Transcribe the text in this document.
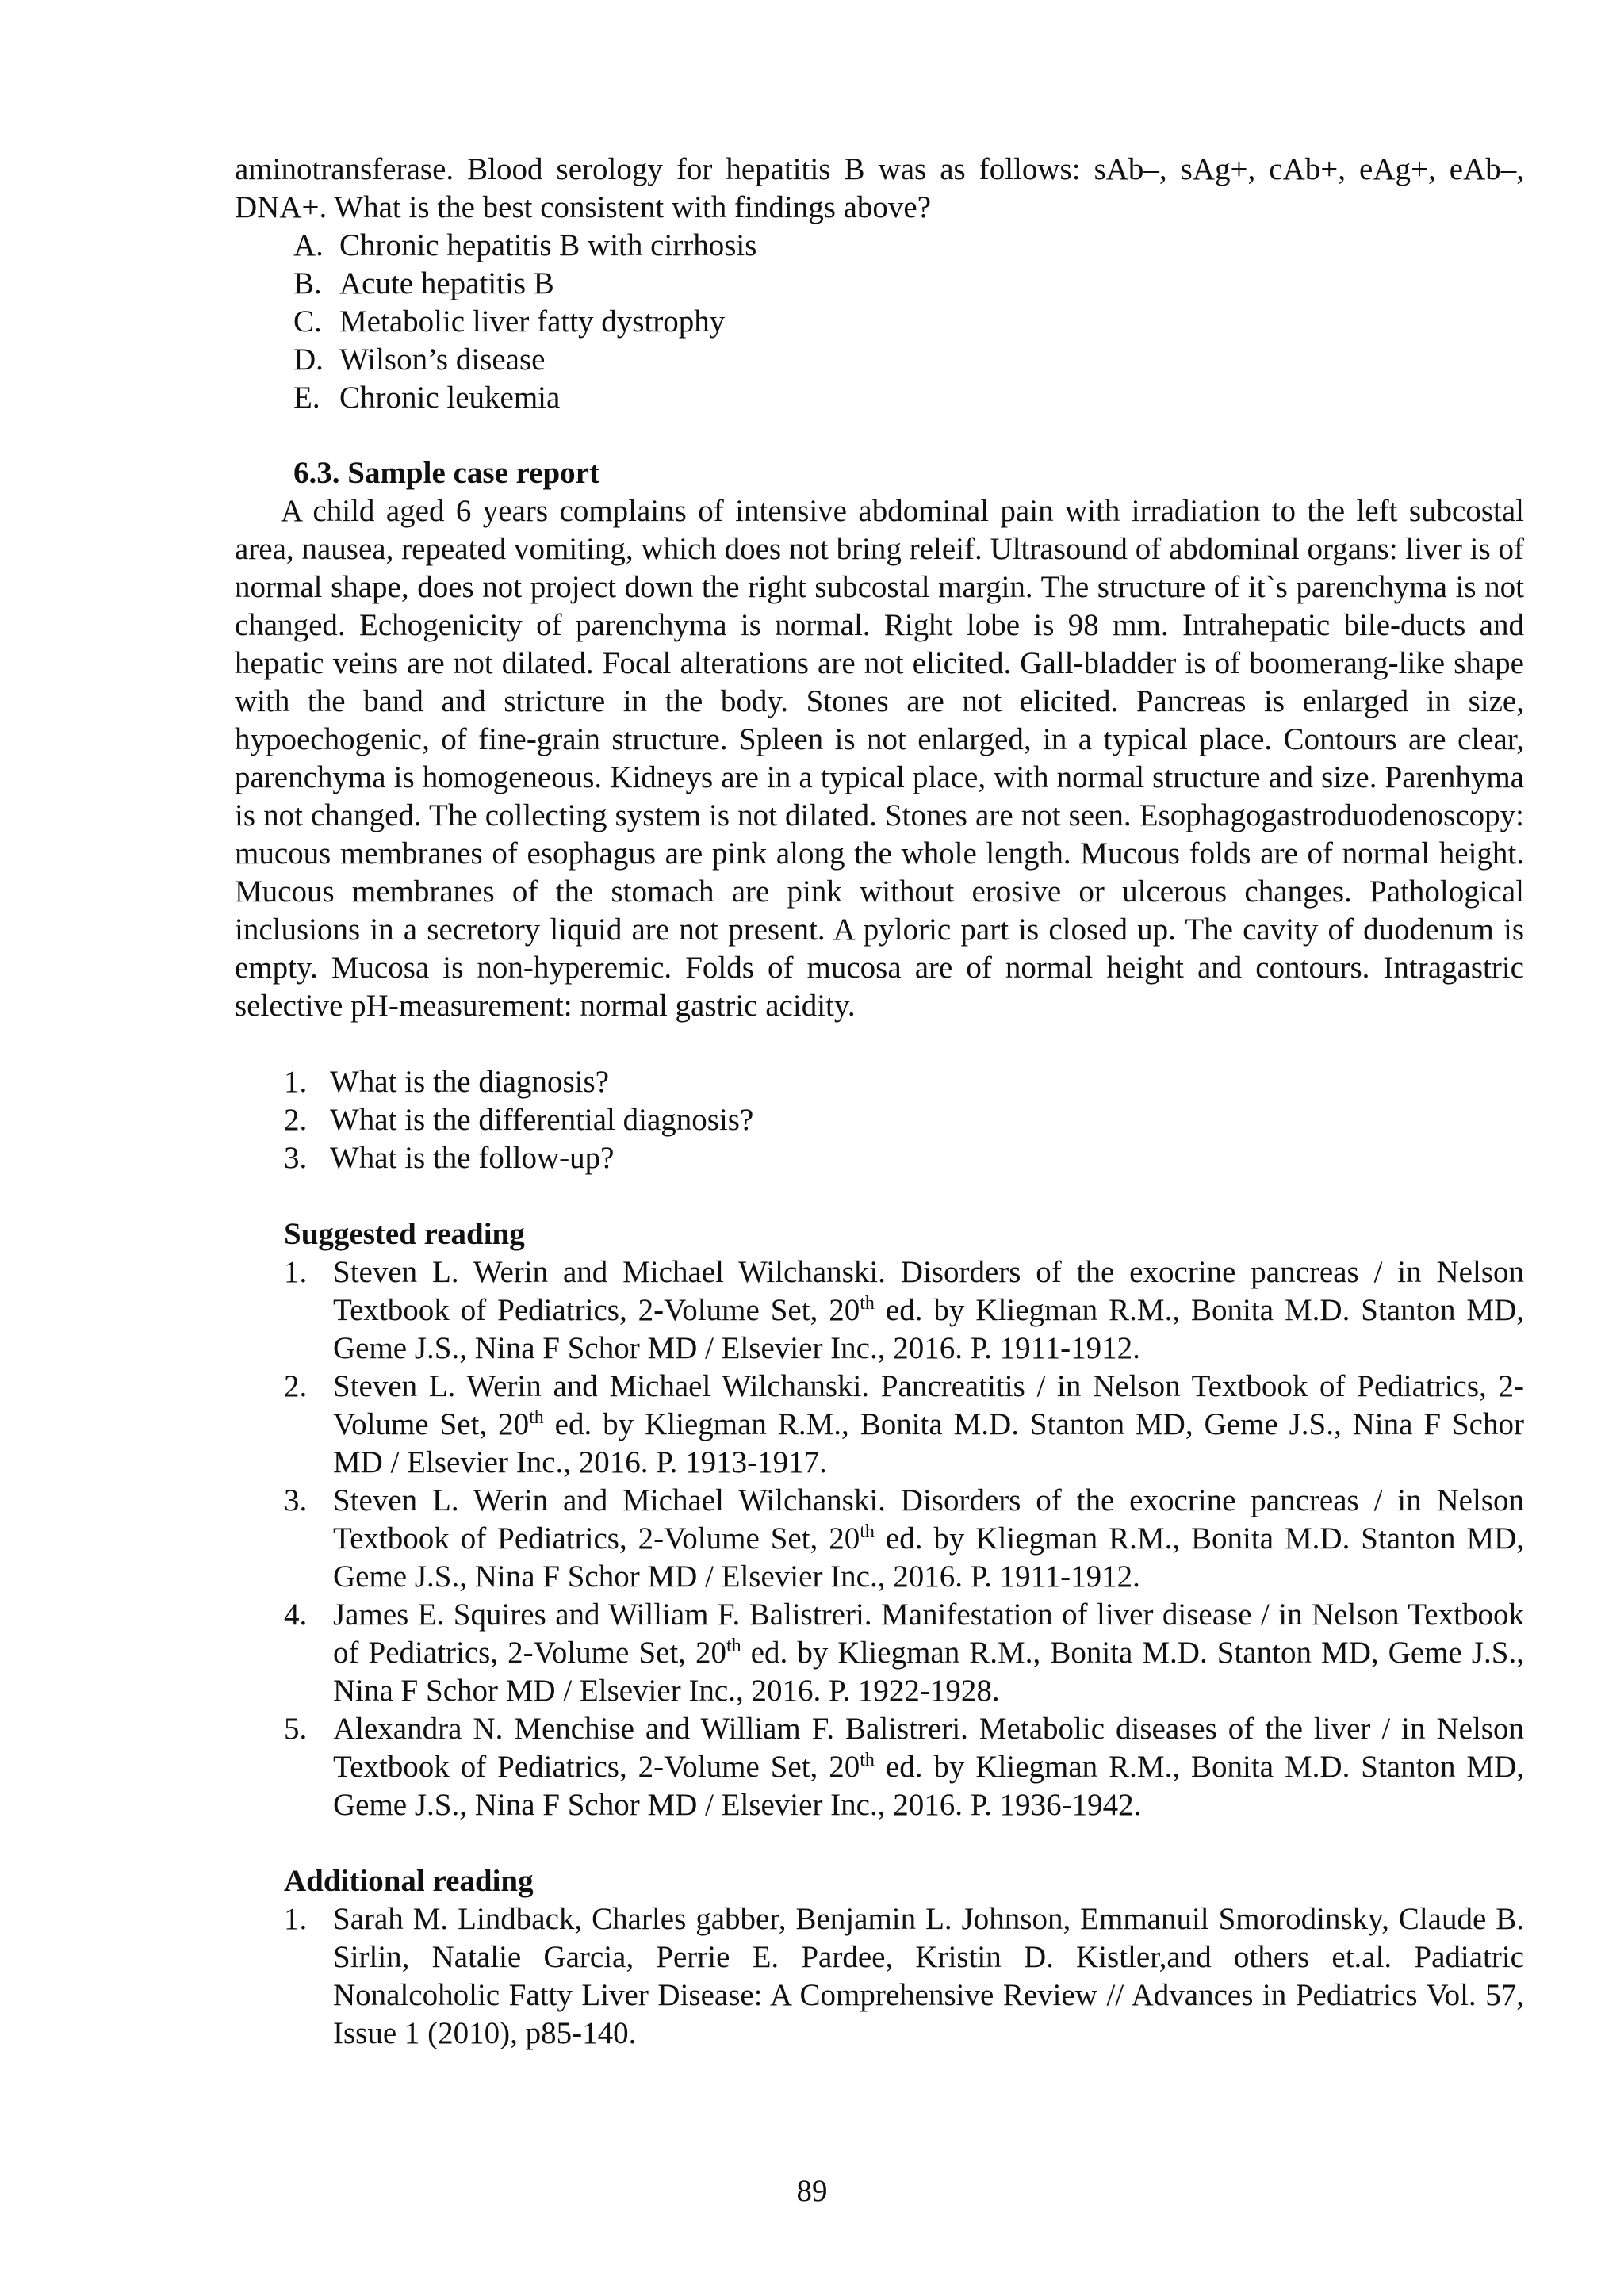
aminotransferase. Blood serology for hepatitis B was as follows: sAb–, sAg+, cAb+, eAg+, eAb–, DNA+. What is the best consistent with findings above?

A. Chronic hepatitis B with cirrhosis
B. Acute hepatitis B
C. Metabolic liver fatty dystrophy
D. Wilson’s disease
E. Chronic leukemia

6.3. Sample case report

A child aged 6 years complains of intensive abdominal pain with irradiation to the left subcostal area, nausea, repeated vomiting, which does not bring releif. Ultrasound of abdominal organs: liver is of normal shape, does not project down the right subcostal margin. The structure of it`s parenchyma is not changed. Echogenicity of parenchyma is normal. Right lobe is 98 mm. Intrahepatic bile-ducts and hepatic veins are not dilated. Focal alterations are not elicited. Gall-bladder is of boomerang-like shape with the band and stricture in the body. Stones are not elicited. Pancreas is enlarged in size, hypoechogenic, of fine-grain structure. Spleen is not enlarged, in a typical place. Contours are clear, parenchyma is homogeneous. Kidneys are in a typical place, with normal structure and size. Parenhyma is not changed. The collecting system is not dilated. Stones are not seen. Esophagogastroduodenoscopy: mucous membranes of esophagus are pink along the whole length. Mucous folds are of normal height. Mucous membranes of the stomach are pink without erosive or ulcerous changes. Pathological inclusions in a secretory liquid are not present. A pyloric part is closed up. The cavity of duodenum is empty. Mucosa is non-hyperemic. Folds of mucosa are of normal height and contours. Intragastric selective pH-measurement: normal gastric acidity.

1. What is the diagnosis?
2. What is the differential diagnosis?
3. What is the follow-up?

Suggested reading

1. Steven L. Werin and Michael Wilchanski. Disorders of the exocrine pancreas / in Nelson Textbook of Pediatrics, 2-Volume Set, 20th ed. by Kliegman R.M., Bonita M.D. Stanton MD, Geme J.S., Nina F Schor MD / Elsevier Inc., 2016. P. 1911-1912.
2. Steven L. Werin and Michael Wilchanski. Pancreatitis / in Nelson Textbook of Pediatrics, 2-Volume Set, 20th ed. by Kliegman R.M., Bonita M.D. Stanton MD, Geme J.S., Nina F Schor MD / Elsevier Inc., 2016. P. 1913-1917.
3. Steven L. Werin and Michael Wilchanski. Disorders of the exocrine pancreas / in Nelson Textbook of Pediatrics, 2-Volume Set, 20th ed. by Kliegman R.M., Bonita M.D. Stanton MD, Geme J.S., Nina F Schor MD / Elsevier Inc., 2016. P. 1911-1912.
4. James E. Squires and William F. Balistreri. Manifestation of liver disease / in Nelson Textbook of Pediatrics, 2-Volume Set, 20th ed. by Kliegman R.M., Bonita M.D. Stanton MD, Geme J.S., Nina F Schor MD / Elsevier Inc., 2016. P. 1922-1928.
5. Alexandra N. Menchise and William F. Balistreri. Metabolic diseases of the liver / in Nelson Textbook of Pediatrics, 2-Volume Set, 20th ed. by Kliegman R.M., Bonita M.D. Stanton MD, Geme J.S., Nina F Schor MD / Elsevier Inc., 2016. P. 1936-1942.

Additional reading

1. Sarah M. Lindback, Charles gabber, Benjamin L. Johnson, Emmanuil Smorodinsky, Claude B. Sirlin, Natalie Garcia, Perrie E. Pardee, Kristin D. Kistler,and others et.al. Padiatric Nonalcoholic Fatty Liver Disease: A Comprehensive Review // Advances in Pediatrics Vol. 57, Issue 1 (2010), p85-140.
89
